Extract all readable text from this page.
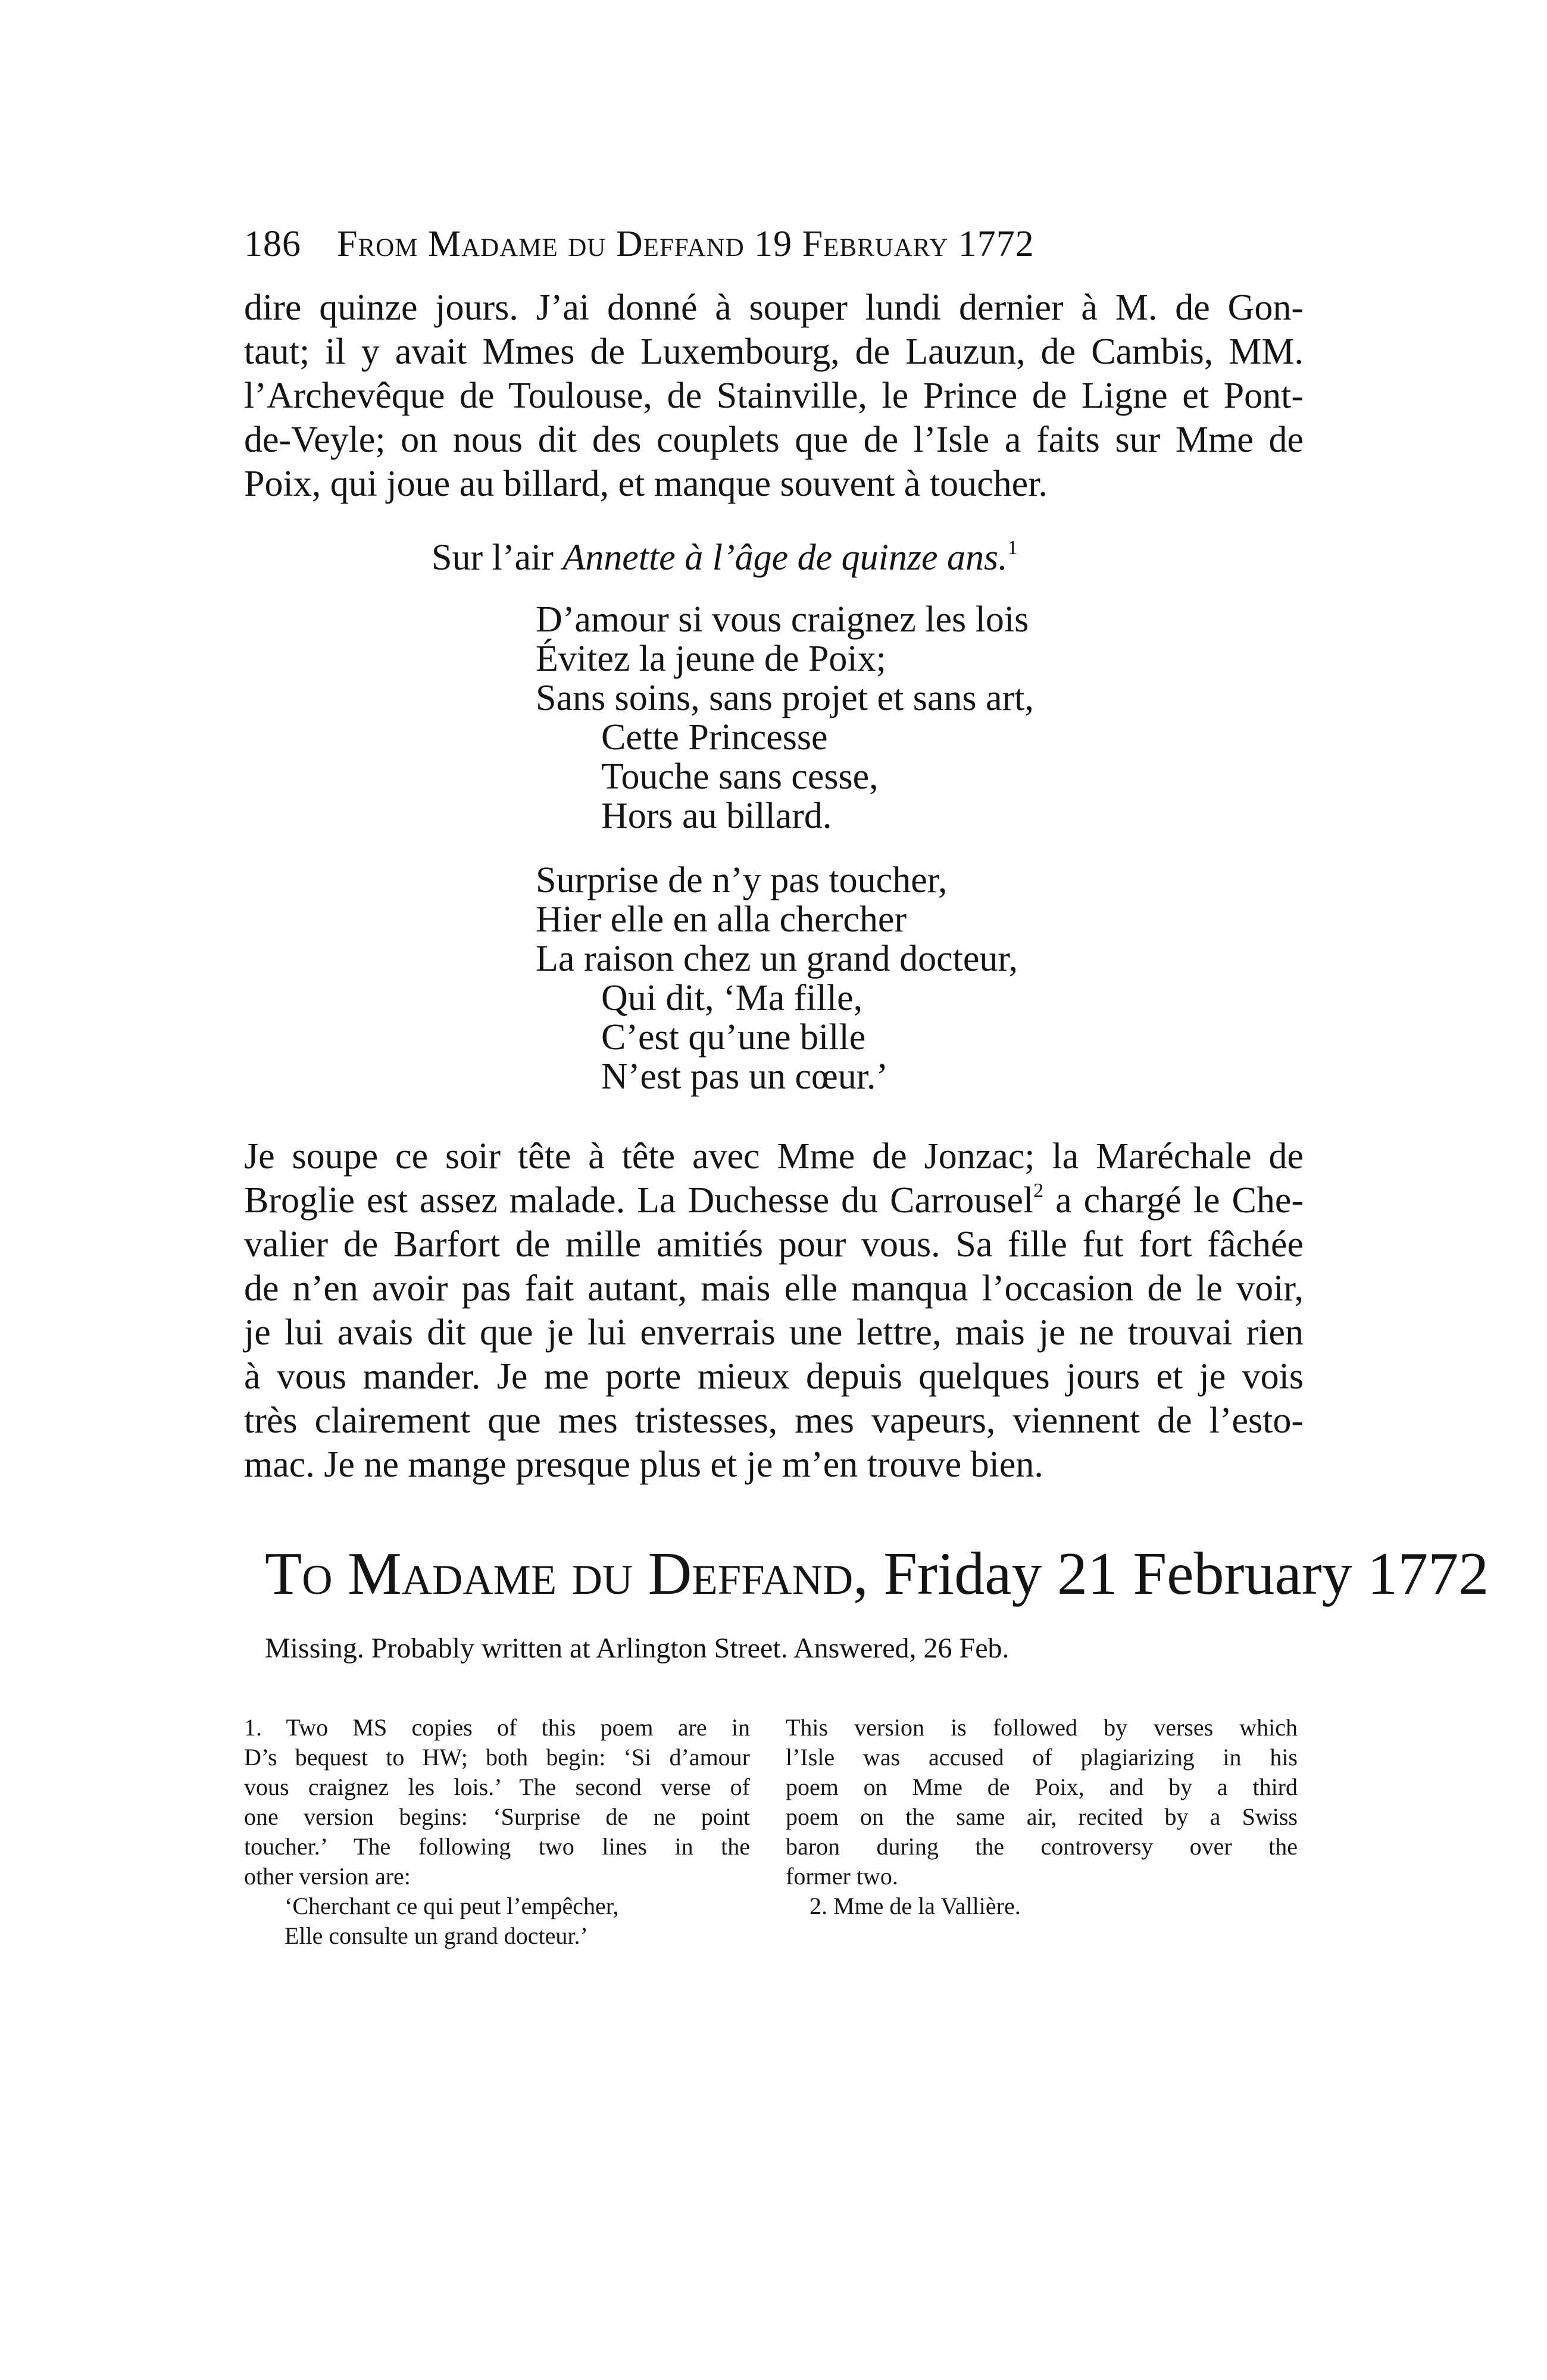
186 From Madame du Deffand 19 February 1772
dire quinze jours. J’ai donné à souper lundi dernier à M. de Gon-
taut; il y avait Mmes de Luxembourg, de Lauzun, de Cambis, MM.
l’Archevêque de Toulouse, de Stainville, le Prince de Ligne et Pont-
de-Veyle; on nous dit des couplets que de l’Isle a faits sur Mme de
Poix, qui joue au billard, et manque souvent à toucher.
Sur l’air Annette à l’âge de quinze ans.$^1$
D’amour si vous craignez les lois
Évitez la jeune de Poix;
Sans soins, sans projet et sans art,
Cette Princesse
Touche sans cesse,
Hors au billard.
Surprise de n’y pas toucher,
Hier elle en alla chercher
La raison chez un grand docteur,
Qui dit, ‘Ma fille,
C’est qu’une bille
N’est pas un cœur.’
Je soupe ce soir tête à tête avec Mme de Jonzac; la Maréchale de
Broglie est assez malade. La Duchesse du Carrousel$^2$ a chargé le Che-
valier de Barfort de mille amitiés pour vous. Sa fille fut fort fâchée
de n’en avoir pas fait autant, mais elle manqua l’occasion de le voir,
je lui avais dit que je lui enverrais une lettre, mais je ne trouvai rien
à vous mander. Je me porte mieux depuis quelques jours et je vois
très clairement que mes tristesses, mes vapeurs, viennent de l’esto-
mac. Je ne mange presque plus et je m’en trouve bien.
To Madame du Deffand, Friday 21 February 1772
Missing. Probably written at Arlington Street. Answered, 26 Feb.
1. Two MS copies of this poem are in
D’s bequest to HW; both begin: ‘Si d’amour
vous craignez les lois.’ The second verse of
one version begins: ‘Surprise de ne point
toucher.’ The following two lines in the
other version are:
‘Cherchant ce qui peut l’empêcher,
Elle consulte un grand docteur.’
This version is followed by verses which
l’Isle was accused of plagiarizing in his
poem on Mme de Poix, and by a third
poem on the same air, recited by a Swiss
baron during the controversy over the
former two.
2. Mme de la Vallière.
